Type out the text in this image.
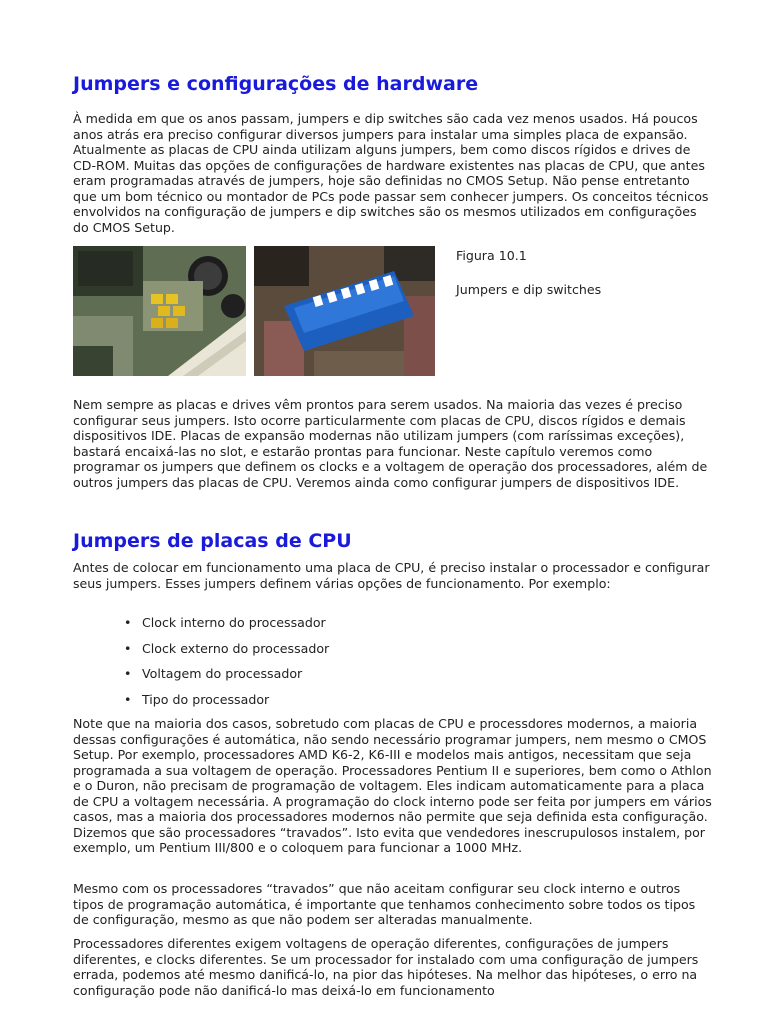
Jumpers e configurações de hardware

À medida em que os anos passam, jumpers e dip switches são cada vez menos usados. Há poucos anos atrás era preciso configurar diversos jumpers para instalar uma simples placa de expansão. Atualmente as placas de CPU ainda utilizam alguns jumpers, bem como discos rígidos e drives de CD-ROM. Muitas das opções de configurações de hardware existentes nas placas de CPU, que antes eram programadas através de jumpers, hoje são definidas no CMOS Setup. Não pense entretanto que um bom técnico ou montador de PCs pode passar sem conhecer jumpers. Os conceitos técnicos envolvidos na configuração de jumpers e dip switches são os mesmos utilizados em configurações do CMOS Setup.

Figura 10.1
Jumpers e dip switches

Nem sempre as placas e drives vêm prontos para serem usados. Na maioria das vezes é preciso configurar seus jumpers. Isto ocorre particularmente com placas de CPU, discos rígidos e demais dispositivos IDE. Placas de expansão modernas não utilizam jumpers (com raríssimas exceções), bastará encaixá-las no slot, e estarão prontas para funcionar. Neste capítulo veremos como programar os jumpers que definem os clocks e a voltagem de operação dos processadores, além de outros jumpers das placas de CPU. Veremos ainda como configurar jumpers de dispositivos IDE.

Jumpers de placas de CPU

Antes de colocar em funcionamento uma placa de CPU, é preciso instalar o processador e configurar seus jumpers. Esses jumpers definem várias opções de funcionamento. Por exemplo:

• Clock interno do processador
• Clock externo do processador
• Voltagem do processador
• Tipo do processador

Note que na maioria dos casos, sobretudo com placas de CPU e processdores modernos, a maioria dessas configurações é automática, não sendo necessário programar jumpers, nem mesmo o CMOS Setup. Por exemplo, processadores AMD K6-2, K6-III e modelos mais antigos, necessitam que seja programada a sua voltagem de operação. Processadores Pentium II e superiores, bem como o Athlon e o Duron, não precisam de programação de voltagem. Eles indicam automaticamente para a placa de CPU a voltagem necessária. A programação do clock interno pode ser feita por jumpers em vários casos, mas a maioria dos processadores modernos não permite que seja definida esta configuração. Dizemos que são processadores “travados”. Isto evita que vendedores inescrupulosos instalem, por exemplo, um Pentium III/800 e o coloquem para funcionar a 1000 MHz.

Mesmo com os processadores “travados” que não aceitam configurar seu clock interno e outros tipos de programação automática, é importante que tenhamos conhecimento sobre todos os tipos de configuração, mesmo as que não podem ser alteradas manualmente.

Processadores diferentes exigem voltagens de operação diferentes, configurações de jumpers diferentes, e clocks diferentes. Se um processador for instalado com uma configuração de jumpers errada, podemos até mesmo danificá-lo, na pior das hipóteses. Na melhor das hipóteses, o erro na configuração pode não danificá-lo mas deixá-lo em funcionamento
